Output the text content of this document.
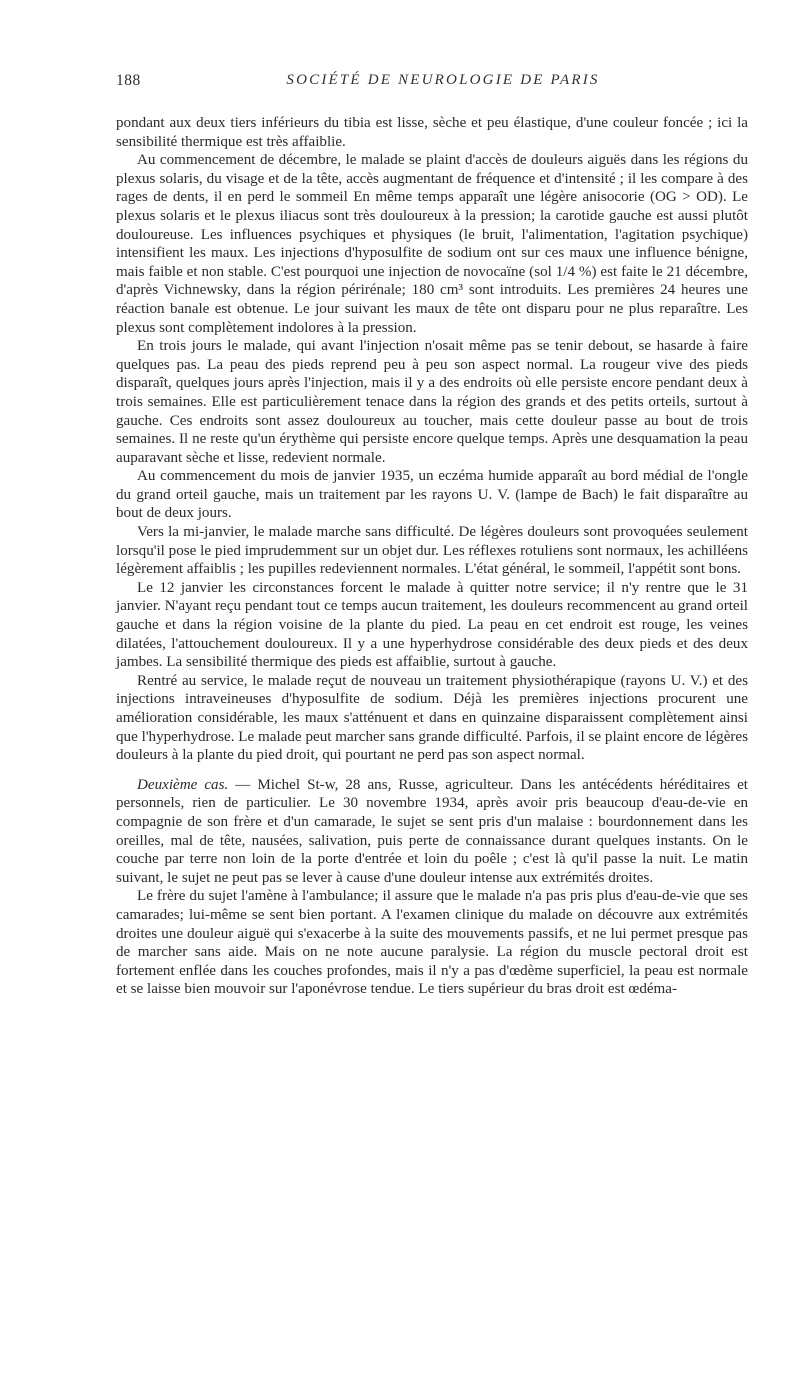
188	SOCIÉTÉ DE NEUROLOGIE DE PARIS

pondant aux deux tiers inférieurs du tibia est lisse, sèche et peu élastique, d'une couleur foncée ; ici la sensibilité thermique est très affaiblie.

Au commencement de décembre, le malade se plaint d'accès de douleurs aiguës dans les régions du plexus solaris, du visage et de la tête, accès augmentant de fréquence et d'intensité ; il les compare à des rages de dents, il en perd le sommeil En même temps apparaît une légère anisocorie (OG > OD). Le plexus solaris et le plexus iliacus sont très douloureux à la pression; la carotide gauche est aussi plutôt douloureuse. Les influences psychiques et physiques (le bruit, l'alimentation, l'agitation psychique) intensifient les maux. Les injections d'hyposulfite de sodium ont sur ces maux une influence bénigne, mais faible et non stable. C'est pourquoi une injection de novocaïne (sol 1/4 %) est faite le 21 décembre, d'après Vichnewsky, dans la région périrénale; 180 cm³ sont introduits. Les premières 24 heures une réaction banale est obtenue. Le jour suivant les maux de tête ont disparu pour ne plus reparaître. Les plexus sont complètement indolores à la pression.

En trois jours le malade, qui avant l'injection n'osait même pas se tenir debout, se hasarde à faire quelques pas. La peau des pieds reprend peu à peu son aspect normal. La rougeur vive des pieds disparaît, quelques jours après l'injection, mais il y a des endroits où elle persiste encore pendant deux à trois semaines. Elle est particulièrement tenace dans la région des grands et des petits orteils, surtout à gauche. Ces endroits sont assez douloureux au toucher, mais cette douleur passe au bout de trois semaines. Il ne reste qu'un érythème qui persiste encore quelque temps. Après une desquamation la peau auparavant sèche et lisse, redevient normale.

Au commencement du mois de janvier 1935, un eczéma humide apparaît au bord médial de l'ongle du grand orteil gauche, mais un traitement par les rayons U. V. (lampe de Bach) le fait disparaître au bout de deux jours.

Vers la mi-janvier, le malade marche sans difficulté. De légères douleurs sont provoquées seulement lorsqu'il pose le pied imprudemment sur un objet dur. Les réflexes rotuliens sont normaux, les achilléens légèrement affaiblis ; les pupilles redeviennent normales. L'état général, le sommeil, l'appétit sont bons.

Le 12 janvier les circonstances forcent le malade à quitter notre service; il n'y rentre que le 31 janvier. N'ayant reçu pendant tout ce temps aucun traitement, les douleurs recommencent au grand orteil gauche et dans la région voisine de la plante du pied. La peau en cet endroit est rouge, les veines dilatées, l'attouchement douloureux. Il y a une hyperhydrose considérable des deux pieds et des deux jambes. La sensibilité thermique des pieds est affaiblie, surtout à gauche.

Rentré au service, le malade reçut de nouveau un traitement physiothérapique (rayons U. V.) et des injections intraveineuses d'hyposulfite de sodium. Déjà les premières injections procurent une amélioration considérable, les maux s'atténuent et dans en quinzaine disparaissent complètement ainsi que l'hyperhydrose. Le malade peut marcher sans grande difficulté. Parfois, il se plaint encore de légères douleurs à la plante du pied droit, qui pourtant ne perd pas son aspect normal.

Deuxième cas. — Michel St-w, 28 ans, Russe, agriculteur. Dans les antécédents héréditaires et personnels, rien de particulier. Le 30 novembre 1934, après avoir pris beaucoup d'eau-de-vie en compagnie de son frère et d'un camarade, le sujet se sent pris d'un malaise : bourdonnement dans les oreilles, mal de tête, nausées, salivation, puis perte de connaissance durant quelques instants. On le couche par terre non loin de la porte d'entrée et loin du poêle ; c'est là qu'il passe la nuit. Le matin suivant, le sujet ne peut pas se lever à cause d'une douleur intense aux extrémités droites.

Le frère du sujet l'amène à l'ambulance; il assure que le malade n'a pas pris plus d'eau-de-vie que ses camarades; lui-même se sent bien portant. A l'examen clinique du malade on découvre aux extrémités droites une douleur aiguë qui s'exacerbe à la suite des mouvements passifs, et ne lui permet presque pas de marcher sans aide. Mais on ne note aucune paralysie. La région du muscle pectoral droit est fortement enflée dans les couches profondes, mais il n'y a pas d'œdème superficiel, la peau est normale et se laisse bien mouvoir sur l'aponévrose tendue. Le tiers supérieur du bras droit est œdéma-
